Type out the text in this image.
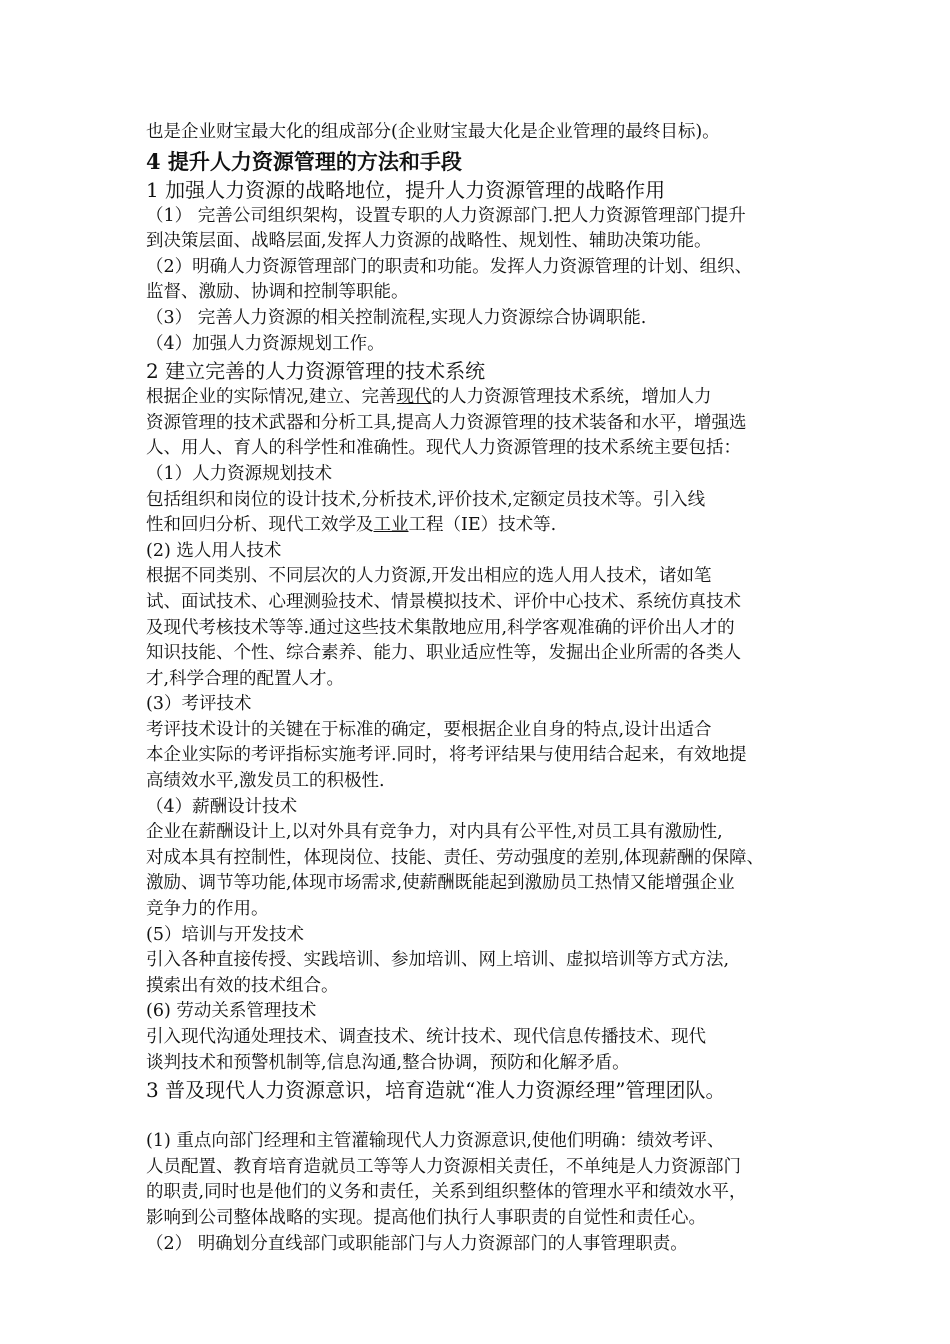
也是企业财宝最大化的组成部分(企业财宝最大化是企业管理的最终目标)。
4 提升人力资源管理的方法和手段
1 加强人力资源的战略地位，提升人力资源管理的战略作用
（1） 完善公司组织架构，设置专职的人力资源部门.把人力资源管理部门提升
到决策层面、战略层面,发挥人力资源的战略性、规划性、辅助决策功能。
（2）明确人力资源管理部门的职责和功能。发挥人力资源管理的计划、组织、
监督、激励、协调和控制等职能。
（3） 完善人力资源的相关控制流程,实现人力资源综合协调职能.
（4）加强人力资源规划工作。
2 建立完善的人力资源管理的技术系统
根据企业的实际情况,建立、完善现代的人力资源管理技术系统，增加人力
资源管理的技术武器和分析工具,提高人力资源管理的技术装备和水平，增强选
人、用人、育人的科学性和准确性。现代人力资源管理的技术系统主要包括：
（1）人力资源规划技术
包括组织和岗位的设计技术,分析技术,评价技术,定额定员技术等。引入线
性和回归分析、现代工效学及工业工程（IE）技术等.
(2) 选人用人技术
根据不同类别、不同层次的人力资源,开发出相应的选人用人技术，诸如笔
试、面试技术、心理测验技术、情景模拟技术、评价中心技术、系统仿真技术
及现代考核技术等等.通过这些技术集散地应用,科学客观准确的评价出人才的
知识技能、个性、综合素养、能力、职业适应性等，发掘出企业所需的各类人
才,科学合理的配置人才。
(3）考评技术
考评技术设计的关键在于标准的确定，要根据企业自身的特点,设计出适合
本企业实际的考评指标实施考评.同时，将考评结果与使用结合起来，有效地提
高绩效水平,激发员工的积极性.
（4）薪酬设计技术
企业在薪酬设计上,以对外具有竞争力，对内具有公平性,对员工具有激励性,
对成本具有控制性，体现岗位、技能、责任、劳动强度的差别,体现薪酬的保障、
激励、调节等功能,体现市场需求,使薪酬既能起到激励员工热情又能增强企业
竞争力的作用。
(5）培训与开发技术
引入各种直接传授、实践培训、参加培训、网上培训、虚拟培训等方式方法,
摸索出有效的技术组合。
(6) 劳动关系管理技术
引入现代沟通处理技术、调查技术、统计技术、现代信息传播技术、现代
谈判技术和预警机制等,信息沟通,整合协调，预防和化解矛盾。
3 普及现代人力资源意识，培育造就“准人力资源经理”管理团队。
(1) 重点向部门经理和主管灌输现代人力资源意识,使他们明确：绩效考评、
人员配置、教育培育造就员工等等人力资源相关责任，不单纯是人力资源部门
的职责,同时也是他们的义务和责任，关系到组织整体的管理水平和绩效水平，
影响到公司整体战略的实现。提高他们执行人事职责的自觉性和责任心。
（2） 明确划分直线部门或职能部门与人力资源部门的人事管理职责。
